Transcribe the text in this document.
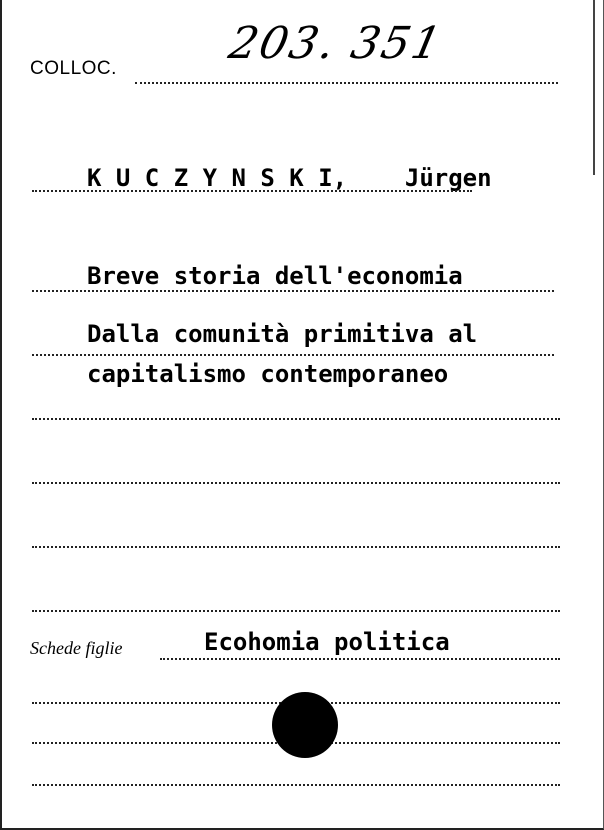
COLLOC. 203. 351
K U C Z Y N S K I,    Jürgen
Breve storia dell'economia
Dalla comunità primitiva al
capitalismo contemporaneo
Schede figlie	Ecohomia politica
